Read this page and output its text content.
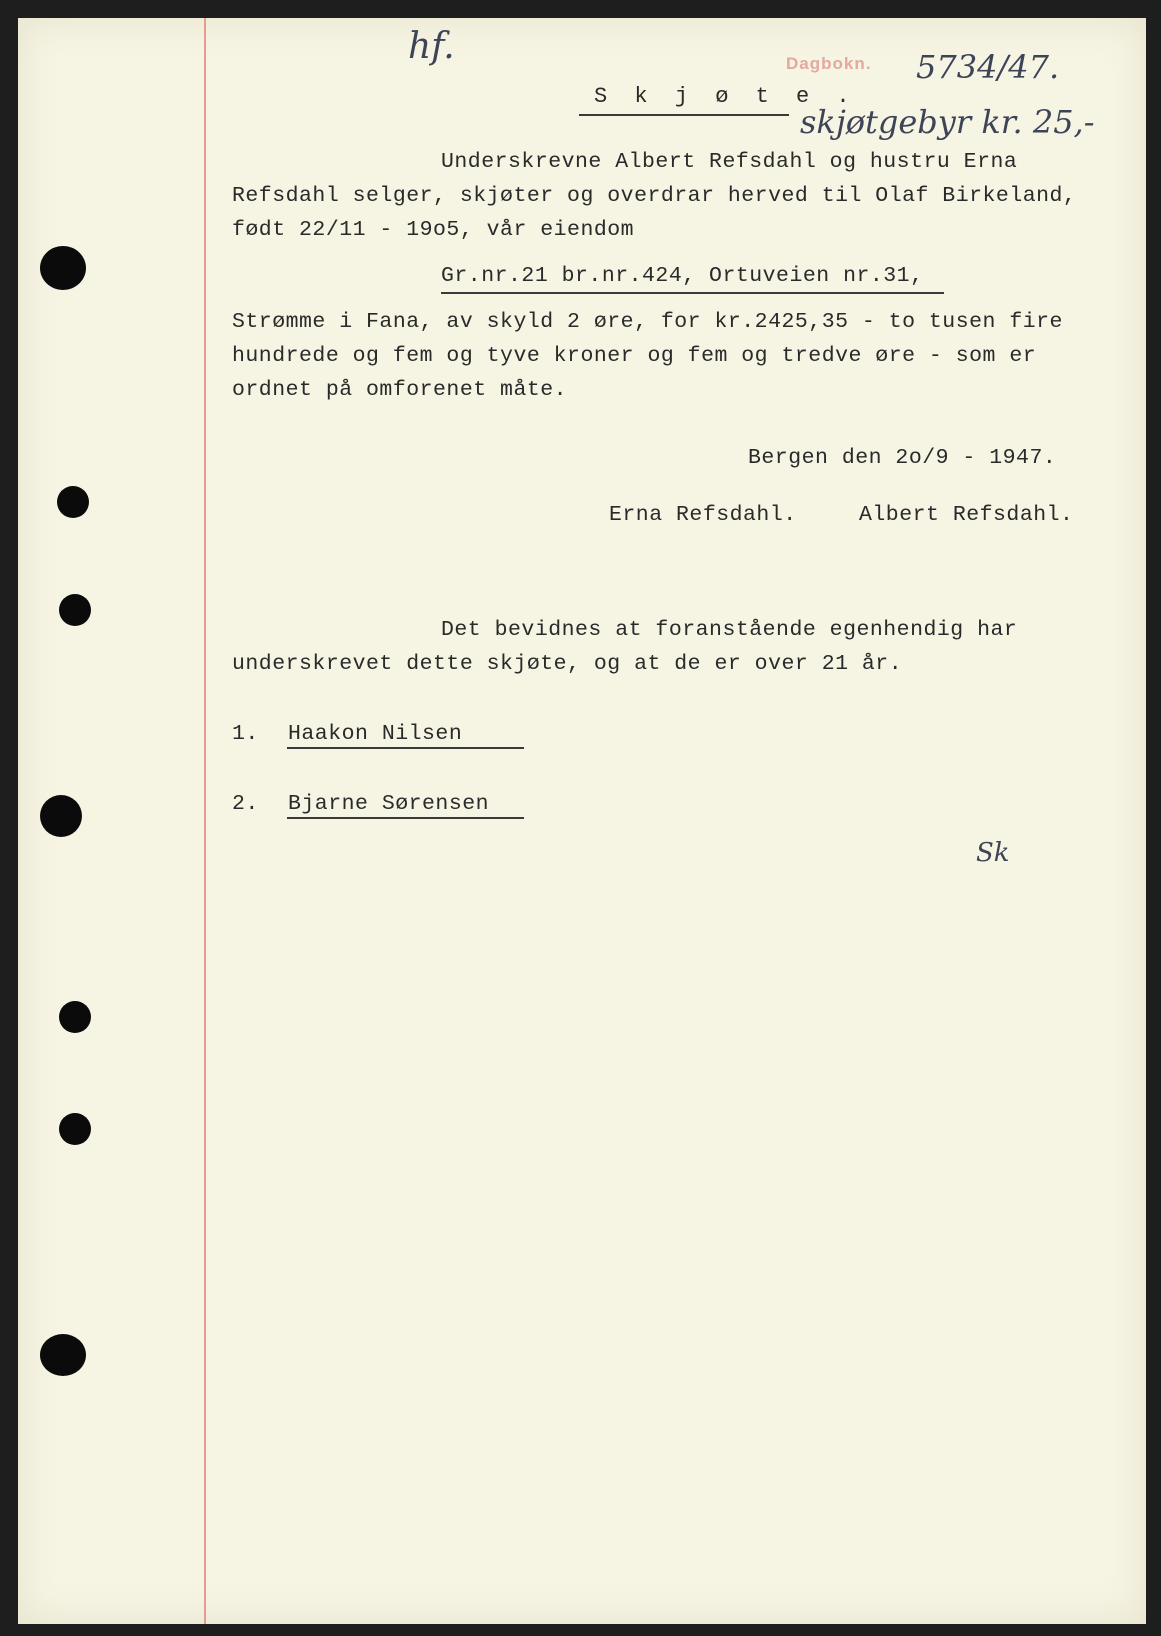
hf.	Dagbokn. 5734/47.
S k j ø t e .
skjøtgebyr kr. 25,-
Underskrevne Albert Refsdahl og hustru Erna
Refsdahl selger, skjøter og overdrar herved til Olaf Birkeland,
født 22/11 - 19o5, vår eiendom
Gr.nr.21 br.nr.424, Ortuveien nr.31,
Strømme i Fana, av skyld 2 øre, for kr.2425,35 - to tusen fire
hundrede og fem og tyve kroner og fem og tredve øre - som er
ordnet på omforenet måte.
Bergen den 2o/9 - 1947.
Erna Refsdahl.	Albert Refsdahl.
Det bevidnes at foranstående egenhendig har
underskrevet dette skjøte, og at de er over 21 år.
1. Haakon Nilsen
2. Bjarne Sørensen
Sk
